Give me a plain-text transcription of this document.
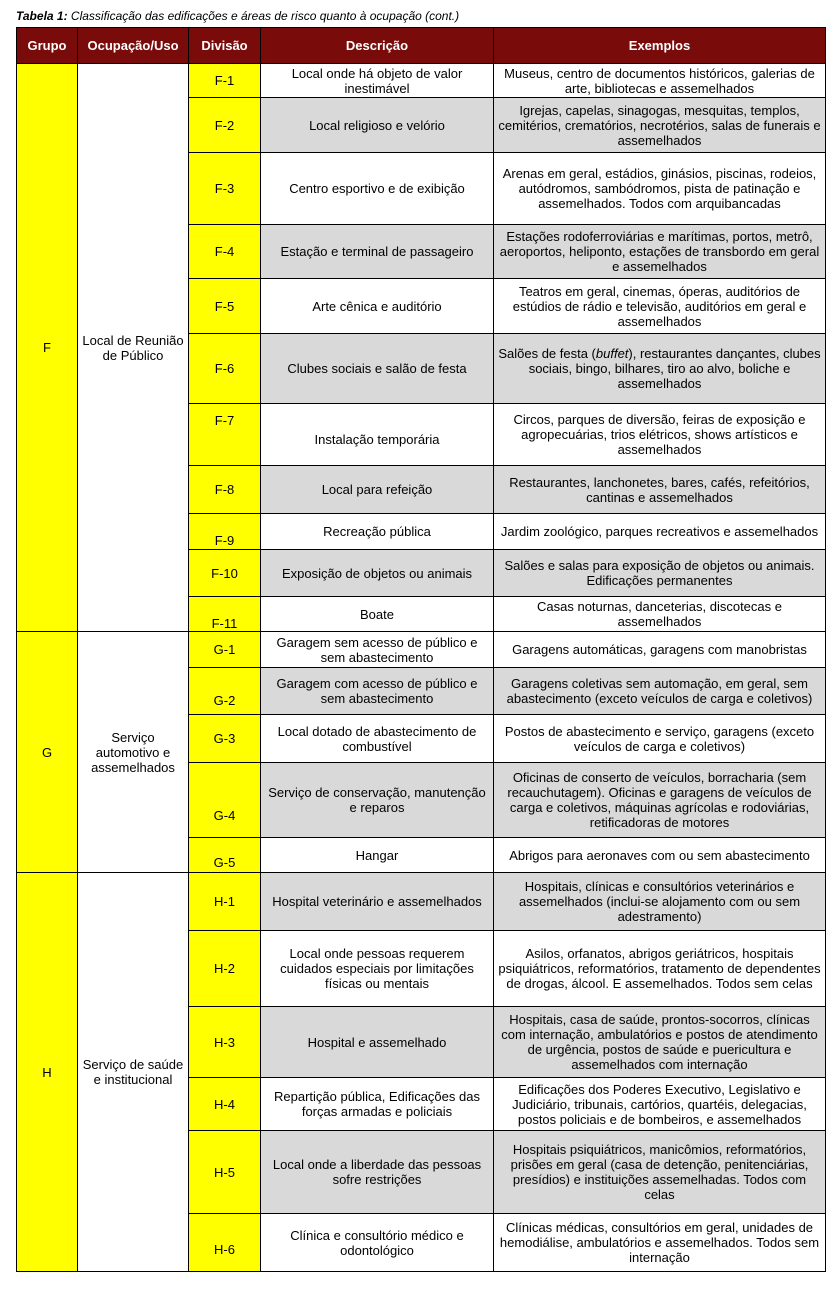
Tabela 1: Classificação das edificações e áreas de risco quanto à ocupação (cont.)
Grupo	Ocupação/Uso	Divisão	Descrição	Exemplos
F	Local de Reunião de Público	F-1	Local onde há objeto de valor inestimável	Museus, centro de documentos históricos, galerias de arte, bibliotecas e assemelhados
		F-2	Local religioso e velório	Igrejas, capelas, sinagogas, mesquitas, templos, cemitérios, crematórios, necrotérios, salas de funerais e assemelhados
		F-3	Centro esportivo e de exibição	Arenas em geral, estádios, ginásios, piscinas, rodeios, autódromos, sambódromos, pista de patinação e assemelhados. Todos com arquibancadas
		F-4	Estação e terminal de passageiro	Estações rodoferroviárias e marítimas, portos, metrô, aeroportos, heliponto, estações de transbordo em geral e assemelhados
		F-5	Arte cênica e auditório	Teatros em geral, cinemas, óperas, auditórios de estúdios de rádio e televisão, auditórios em geral e assemelhados
		F-6	Clubes sociais e salão de festa	Salões de festa (buffet), restaurantes dançantes, clubes sociais, bingo, bilhares, tiro ao alvo, boliche e assemelhados

		F-7	Instalação temporária	Circos, parques de diversão, feiras de exposição e agropecuárias, trios elétricos, shows artísticos e assemelhados
		F-8	Local para refeição	Restaurantes, lanchonetes, bares, cafés, refeitórios, cantinas e assemelhados

		F-9	Recreação pública	Jardim zoológico, parques recreativos e assemelhados
		F-10	Exposição de objetos ou animais	Salões e salas para exposição de objetos ou animais. Edificações permanentes

		F-11	Boate	Casas noturnas, danceterias, discotecas e assemelhados
G	Serviço automotivo e assemelhados	G-1	Garagem sem acesso de público e sem abastecimento	Garagens automáticas, garagens com manobristas

		G-2	Garagem com acesso de público e sem abastecimento	Garagens coletivas sem automação, em geral, sem abastecimento (exceto veículos de carga e coletivos)
		G-3	Local dotado de abastecimento de combustível	Postos de abastecimento e serviço, garagens (exceto veículos de carga e coletivos)

		G-4	Serviço de conservação, manutenção e reparos	Oficinas de conserto de veículos, borracharia (sem recauchutagem). Oficinas e garagens de veículos de carga e coletivos, máquinas agrícolas e rodoviárias, retificadoras de motores

		G-5	Hangar	Abrigos para aeronaves com ou sem abastecimento
H	Serviço de saúde e institucional	H-1	Hospital veterinário e assemelhados	Hospitais, clínicas e consultórios veterinários e assemelhados (inclui-se alojamento com ou sem adestramento)
		H-2	Local onde pessoas requerem cuidados especiais por limitações físicas ou mentais	Asilos, orfanatos, abrigos geriátricos, hospitais psiquiátricos, reformatórios, tratamento de dependentes de drogas, álcool. E assemelhados. Todos sem celas
		H-3	Hospital e assemelhado	Hospitais, casa de saúde, prontos-socorros, clínicas com internação, ambulatórios e postos de atendimento de urgência, postos de saúde e puericultura e assemelhados com internação
		H-4	Repartição pública, Edificações das forças armadas e policiais	Edificações dos Poderes Executivo, Legislativo e Judiciário, tribunais, cartórios, quartéis, delegacias, postos policiais e de bombeiros, e assemelhados
		H-5	Local onde a liberdade das pessoas sofre restrições	Hospitais psiquiátricos, manicômios, reformatórios, prisões em geral (casa de detenção, penitenciárias, presídios) e instituições assemelhadas. Todos com celas

		H-6	Clínica e consultório médico e odontológico	Clínicas médicas, consultórios em geral, unidades de hemodiálise, ambulatórios e assemelhados. Todos sem internação
